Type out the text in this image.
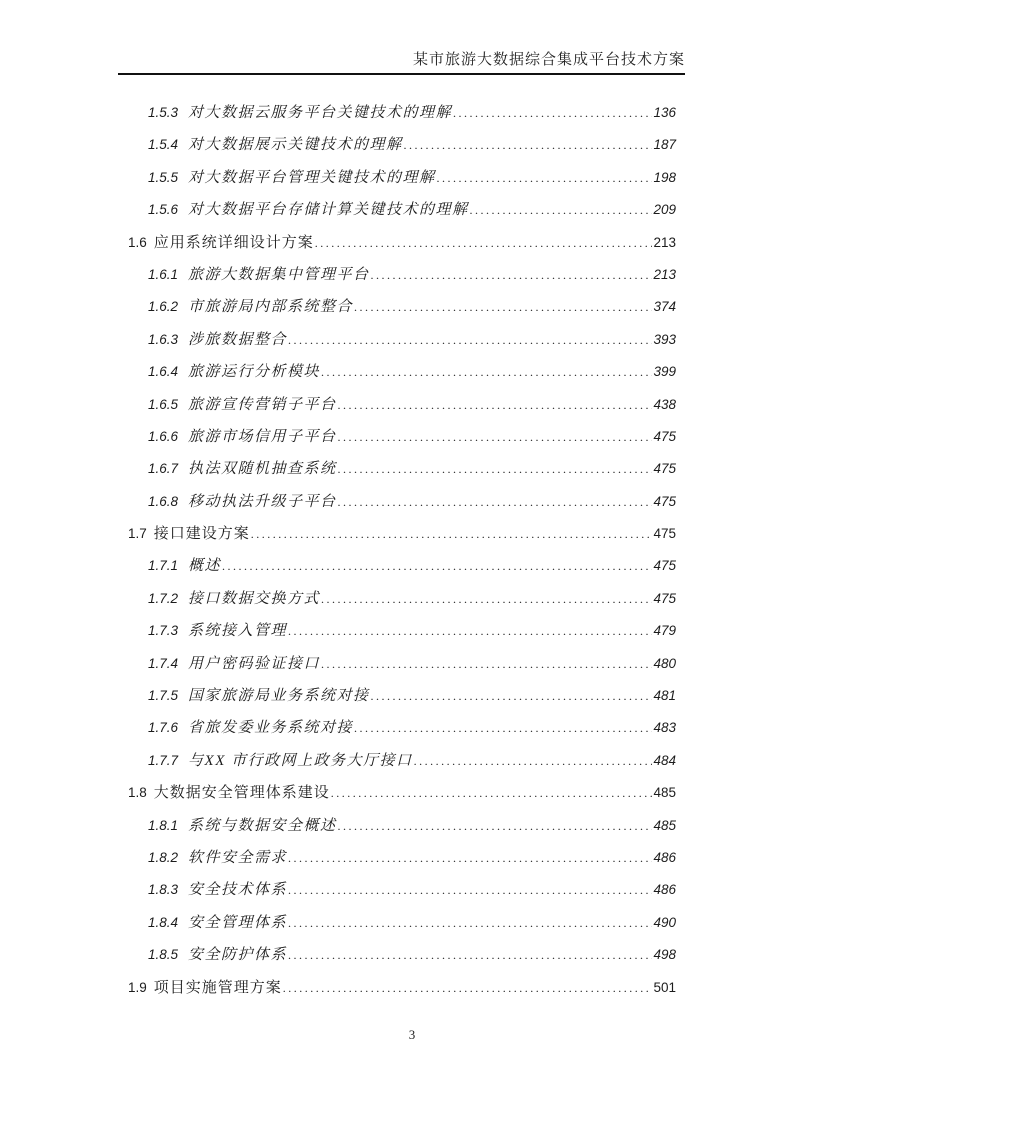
某市旅游大数据综合集成平台技术方案
1.5.3 对大数据云服务平台关键技术的理解 .....	136
1.5.4 对大数据展示关键技术的理解 .....	187
1.5.5 对大数据平台管理关键技术的理解 .....	198
1.5.6 对大数据平台存储计算关键技术的理解 .....	209
1.6 应用系统详细设计方案 .....	213
1.6.1 旅游大数据集中管理平台 .....	213
1.6.2 市旅游局内部系统整合 .....	374
1.6.3 涉旅数据整合 .....	393
1.6.4 旅游运行分析模块 .....	399
1.6.5 旅游宣传营销子平台 .....	438
1.6.6 旅游市场信用子平台 .....	475
1.6.7 执法双随机抽查系统 .....	475
1.6.8 移动执法升级子平台 .....	475
1.7 接口建设方案 .....	475
1.7.1 概述 .....	475
1.7.2 接口数据交换方式 .....	475
1.7.3 系统接入管理 .....	479
1.7.4 用户密码验证接口 .....	480
1.7.5 国家旅游局业务系统对接 .....	481
1.7.6 省旅发委业务系统对接 .....	483
1.7.7 与XX 市行政网上政务大厅接口 .....	484
1.8 大数据安全管理体系建设 .....	485
1.8.1 系统与数据安全概述 .....	485
1.8.2 软件安全需求 .....	486
1.8.3 安全技术体系 .....	486
1.8.4 安全管理体系 .....	490
1.8.5 安全防护体系 .....	498
1.9 项目实施管理方案 .....	501
3
